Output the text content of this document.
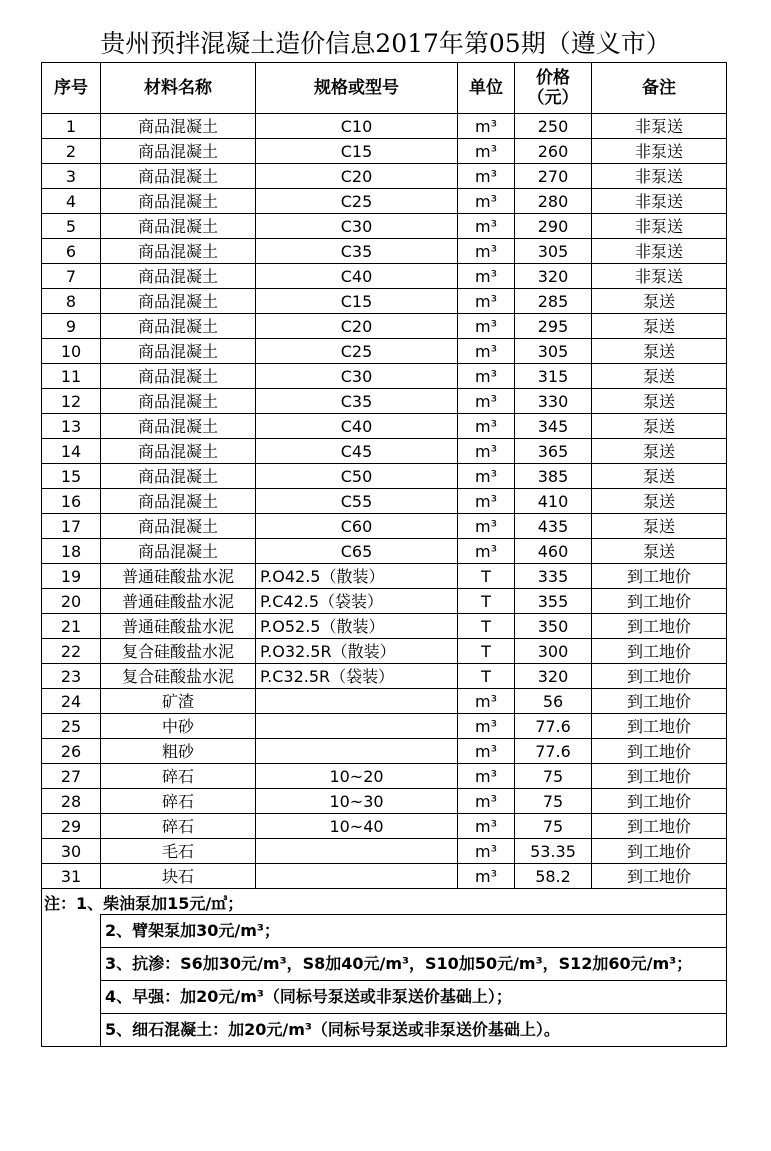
贵州预拌混凝土造价信息2017年第05期（遵义市）
序号	材料名称	规格或型号	单位	价格（元）	备注
1	商品混凝土	C10	m³	250	非泵送
2	商品混凝土	C15	m³	260	非泵送
3	商品混凝土	C20	m³	270	非泵送
4	商品混凝土	C25	m³	280	非泵送
5	商品混凝土	C30	m³	290	非泵送
6	商品混凝土	C35	m³	305	非泵送
7	商品混凝土	C40	m³	320	非泵送
8	商品混凝土	C15	m³	285	泵送
9	商品混凝土	C20	m³	295	泵送
10	商品混凝土	C25	m³	305	泵送
11	商品混凝土	C30	m³	315	泵送
12	商品混凝土	C35	m³	330	泵送
13	商品混凝土	C40	m³	345	泵送
14	商品混凝土	C45	m³	365	泵送
15	商品混凝土	C50	m³	385	泵送
16	商品混凝土	C55	m³	410	泵送
17	商品混凝土	C60	m³	435	泵送
18	商品混凝土	C65	m³	460	泵送
19	普通硅酸盐水泥	P.O42.5（散装）	T	335	到工地价
20	普通硅酸盐水泥	P.C42.5（袋装）	T	355	到工地价
21	普通硅酸盐水泥	P.O52.5（散装）	T	350	到工地价
22	复合硅酸盐水泥	P.O32.5R（散装）	T	300	到工地价
23	复合硅酸盐水泥	P.C32.5R（袋装）	T	320	到工地价
24	矿渣		m³	56	到工地价
25	中砂		m³	77.6	到工地价
26	粗砂		m³	77.6	到工地价
27	碎石	10~20	m³	75	到工地价
28	碎石	10~30	m³	75	到工地价
29	碎石	10~40	m³	75	到工地价
30	毛石		m³	53.35	到工地价
31	块石		m³	58.2	到工地价
注：1、柴油泵加15元/㎥；					
	2、臂架泵加30元/m³；				
	3、抗渗：S6加30元/m³，S8加40元/m³，S10加50元/m³，S12加60元/m³；				
	4、早强：加20元/m³（同标号泵送或非泵送价基础上）；				
	5、细石混凝土：加20元/m³（同标号泵送或非泵送价基础上）。				
